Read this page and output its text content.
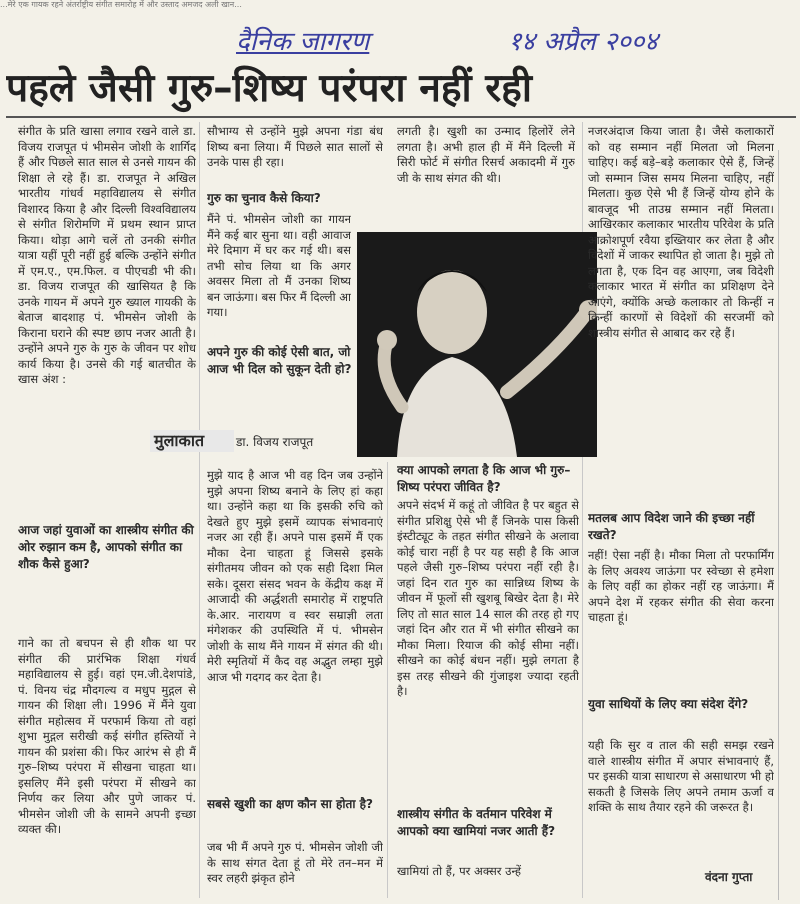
...मेरे एक गायक रहने अंतर्राष्ट्रीय संगीत समारोह में और उस्ताद अमजद अली खान...
दैनिक जागरण	१४ अप्रैल २००४
पहले जैसी गुरु–शिष्य परंपरा नहीं रही
संगीत के प्रति खासा लगाव रखने वाले डा. विजय राजपूत पं भीमसेन जोशी के शार्गिद हैं और पिछले सात साल से उनसे गायन की शिक्षा ले रहे हैं। डा. राजपूत ने अखिल भारतीय गांधर्व महाविद्यालय से संगीत विशारद किया है और दिल्ली विश्वविद्यालय से संगीत शिरोमणि में प्रथम स्थान प्राप्त किया। थोड़ा आगे चलें तो उनकी संगीत यात्रा यहीं पूरी नहीं हुई बल्कि उन्होंने संगीत में एम.ए., एम.फिल. व पीएचडी भी की। डा. विजय राजपूत की खासियत है कि उनके गायन में अपने गुरु ख्याल गायकी के बेताज बादशाह पं. भीमसेन जोशी के किराना घराने की स्पष्ट छाप नजर आती है। उन्होंने अपने गुरु के गुरु के जीवन पर शोध कार्य किया है। उनसे की गई बातचीत के खास अंश :
आज जहां युवाओं का शास्त्रीय संगीत की ओर रुझान कम है, आपको संगीत का शौक कैसे हुआ?
गाने का तो बचपन से ही शौक था पर संगीत की प्रारंभिक शिक्षा गंधर्व महाविद्यालय से हुई। वहां एम.जी.देशपांडे, पं. विनय चंद्र मौदगल्य व मधुप मुद्गल से गायन की शिक्षा ली। 1996 में मैंने युवा संगीत महोत्सव में परफार्म किया तो वहां शुभा मुद्गल सरीखी कई संगीत हस्तियों ने गायन की प्रशंसा की। फिर आरंभ से ही मैं गुरु–शिष्य परंपरा में सीखना चाहता था। इसलिए मैंने इसी परंपरा में सीखने का निर्णय कर लिया और पुणे जाकर पं. भीमसेन जोशी जी के सामने अपनी इच्छा व्यक्त की।
सौभाग्य से उन्होंने मुझे अपना गंडा बंध शिष्य बना लिया। मैं पिछले सात सालों से उनके पास ही रहा।
गुरु का चुनाव कैसे किया?
मैंने पं. भीमसेन जोशी का गायन मैंने कई बार सुना था। वही आवाज मेरे दिमाग में घर कर गई थी। बस तभी सोच लिया था कि अगर अवसर मिला तो मैं उनका शिष्य बन जाऊंगा। बस फिर मैं दिल्ली आ गया।
अपने गुरु की कोई ऐसी बात, जो आज भी दिल को सुकून देती हो?
मुलाकात	डा. विजय राजपूत
मुझे याद है आज भी वह दिन जब उन्होंने मुझे अपना शिष्य बनाने के लिए हां कहा था। उन्होंने कहा था कि इसकी रुचि को देखते हुए मुझे इसमें व्यापक संभावनाएं नजर आ रही हैं। अपने पास इसमें मैं एक मौका देना चाहता हूं जिससे इसके संगीतमय जीवन को एक सही दिशा मिल सके। दूसरा संसद भवन के केंद्रीय कक्ष में आजादी की अर्द्धशती समारोह में राष्ट्रपति के.आर. नारायण व स्वर सम्राज्ञी लता मंगेशकर की उपस्थिति में पं. भीमसेन जोशी के साथ मैंने गायन में संगत की थी। मेरी स्मृतियों में कैद वह अद्भुत लम्हा मुझे आज भी गदगद कर देता है।
सबसे खुशी का क्षण कौन सा होता है?
जब भी मैं अपने गुरु पं. भीमसेन जोशी जी के साथ संगत देता हूं तो मेरे तन–मन में स्वर लहरी झंकृत होने
लगती है। खुशी का उन्माद हिलोरें लेने लगता है। अभी हाल ही में मैंने दिल्ली में सिरी फोर्ट में संगीत रिसर्च अकादमी में गुरु जी के साथ संगत की थी।
क्या आपको लगता है कि आज भी गुरु–शिष्य परंपरा जीवित है?
अपने संदर्भ में कहूं तो जीवित है पर बहुत से संगीत प्रशिक्षु ऐसे भी हैं जिनके पास किसी इंस्टीट्यूट के तहत संगीत सीखने के अलावा कोई चारा नहीं है पर यह सही है कि आज पहले जैसी गुरु–शिष्य परंपरा नहीं रही है। जहां दिन रात गुरु का सान्निध्य शिष्य के जीवन में फूलों सी खुशबू बिखेर देता है। मेरे लिए तो सात साल 14 साल की तरह हो गए जहां दिन और रात में भी संगीत सीखने का मौका मिला। रियाज की कोई सीमा नहीं। सीखने का कोई बंधन नहीं। मुझे लगता है इस तरह सीखने की गुंजाइश ज्यादा रहती है।
शास्त्रीय संगीत के वर्तमान परिवेश में आपको क्या खामियां नजर आती हैं?
खामियां तो हैं, पर अक्सर उन्हें
नजरअंदाज किया जाता है। जैसे कलाकारों को वह सम्मान नहीं मिलता जो मिलना चाहिए। कई बड़े–बड़े कलाकार ऐसे हैं, जिन्हें जो सम्मान जिस समय मिलना चाहिए, नहीं मिलता। कुछ ऐसे भी हैं जिन्हें योग्य होने के बावजूद भी ताउम्र सम्मान नहीं मिलता। आखिरकार कलाकार भारतीय परिवेश के प्रति आक्रोशपूर्ण रवैया इख्तियार कर लेता है और विदेशों में जाकर स्थापित हो जाता है। मुझे तो लगता है, एक दिन वह आएगा, जब विदेशी कलाकार भारत में संगीत का प्रशिक्षण देने आएंगे, क्योंकि अच्छे कलाकार तो किन्हीं न किन्हीं कारणों से विदेशों की सरजमीं को शास्त्रीय संगीत से आबाद कर रहे हैं।
मतलब आप विदेश जाने की इच्छा नहीं रखते?
नहीं! ऐसा नहीं है। मौका मिला तो परफार्मिंग के लिए अवश्य जाऊंगा पर स्वेच्छा से हमेशा के लिए वहीं का होकर नहीं रह जाऊंगा। मैं अपने देश में रहकर संगीत की सेवा करना चाहता हूं।
युवा साथियों के लिए क्या संदेश देंगे?
यही कि सुर व ताल की सही समझ रखने वाले शास्त्रीय संगीत में अपार संभावनाएं हैं, पर इसकी यात्रा साधारण से असाधारण भी हो सकती है जिसके लिए अपने तमाम ऊर्जा व शक्ति के साथ तैयार रहने की जरूरत है।
वंदना गुप्ता
